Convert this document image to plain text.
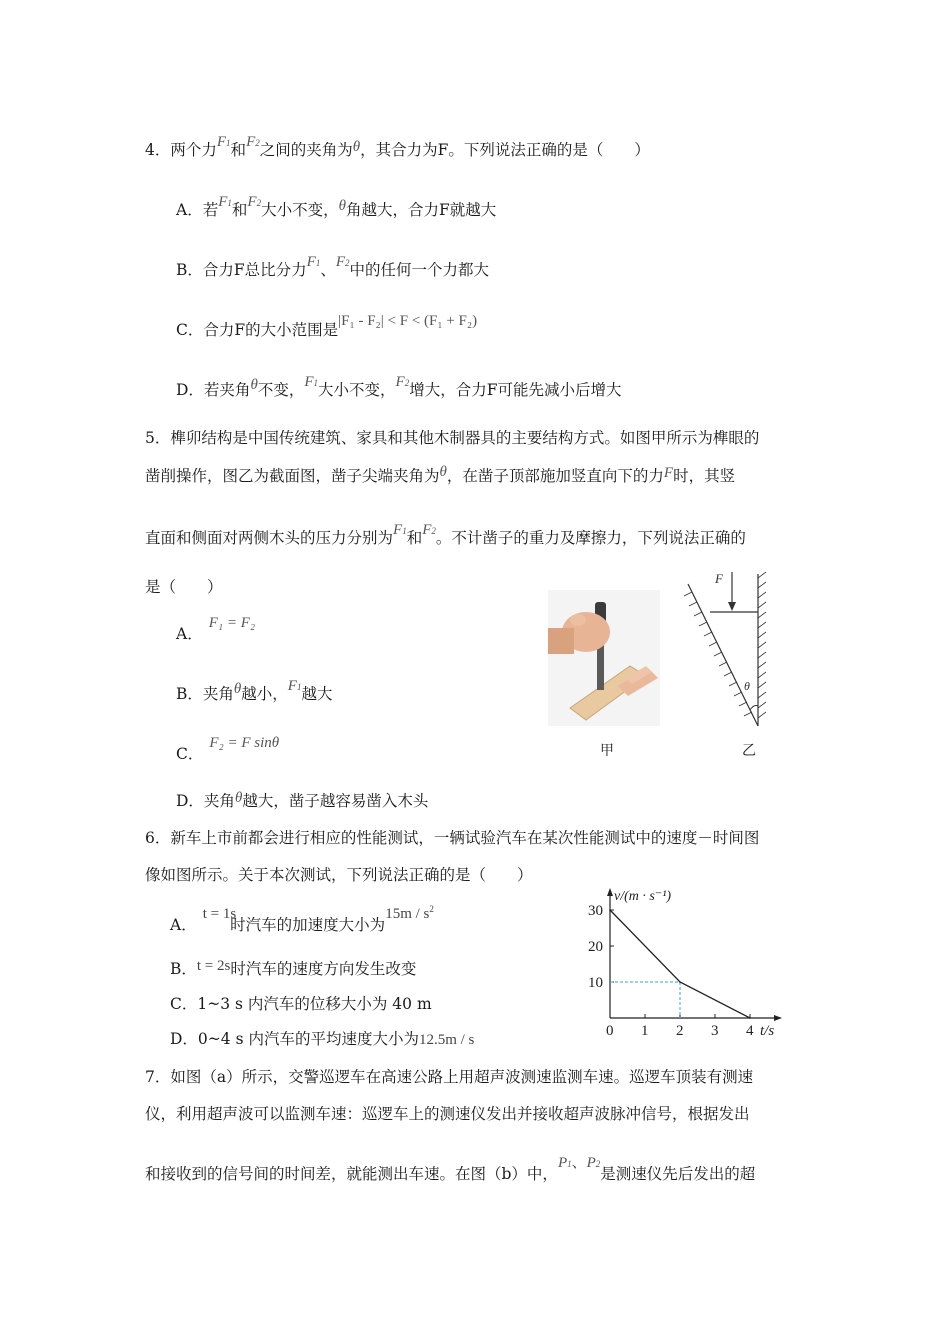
4．两个力F1和F2之间的夹角为θ，其合力为F。下列说法正确的是（　　）
A．若F1和F2大小不变，θ角越大，合力F就越大
B．合力F总比分力F1、F2中的任何一个力都大
C．合力F的大小范围是|F₁ - F₂| < F < (F₁ + F₂)
D．若夹角θ不变，F1大小不变，F2增大，合力F可能先减小后增大
5．榫卯结构是中国传统建筑、家具和其他木制器具的主要结构方式。如图甲所示为榫眼的
凿削操作，图乙为截面图，凿子尖端夹角为θ，在凿子顶部施加竖直向下的力F时，其竖
直面和侧面对两侧木头的压力分别为F1和F2。不计凿子的重力及摩擦力，下列说法正确的
是（　　）
A．F₁ = F₂
B．夹角θ越小，F1越大
C．F₂ = F sinθ
D．夹角θ越大，凿子越容易凿入木头
甲
F
θ
乙
6．新车上市前都会进行相应的性能测试，一辆试验汽车在某次性能测试中的速度－时间图
像如图所示。关于本次测试，下列说法正确的是（　　）
A．t = 1s时汽车的加速度大小为$15m / s^2$
B．t = 2s时汽车的速度方向发生改变
C．1~3 s 内汽车的位移大小为 40 m
D．0~4 s 内汽车的平均速度大小为12.5m / s
0 1 2 3 4
10
20
30
v/(m · s⁻¹)
t/s
7．如图（a）所示，交警巡逻车在高速公路上用超声波测速监测车速。巡逻车顶装有测速
仪，利用超声波可以监测车速：巡逻车上的测速仪发出并接收超声波脉冲信号，根据发出
和接收到的信号间的时间差，就能测出车速。在图（b）中，P1、P2是测速仪先后发出的超
